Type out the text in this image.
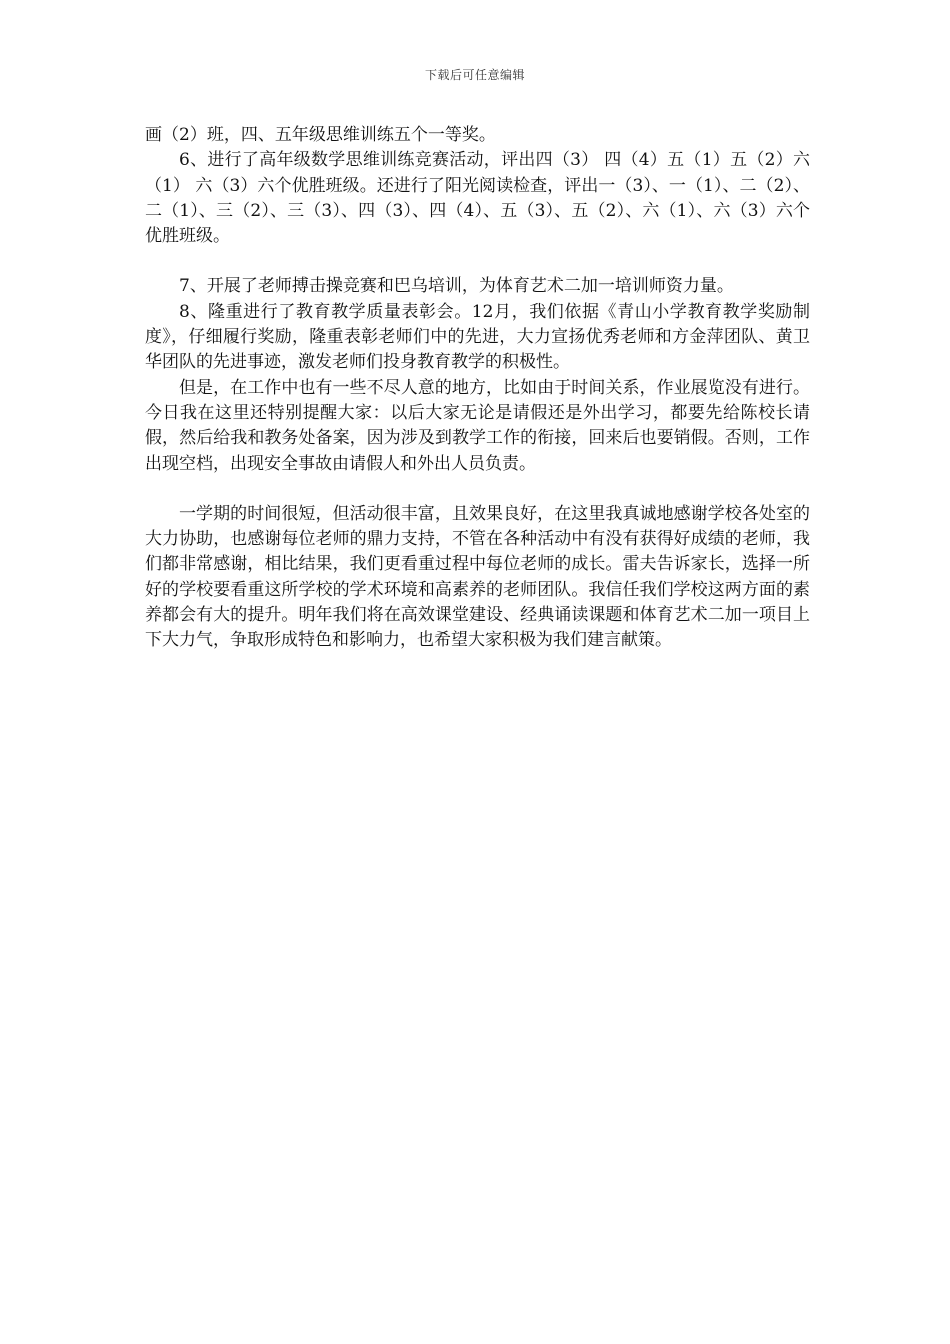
下载后可任意编辑

画（2）班，四、五年级思维训练五个一等奖。

6、进行了高年级数学思维训练竞赛活动，评出四（3） 四（4）五（1）五（2）六（1） 六（3）六个优胜班级。还进行了阳光阅读检查，评出一（3）、一（1）、二（2）、二（1）、三（2）、三（3）、四（3）、四（4）、五（3）、五（2）、六（1）、六（3）六个优胜班级。

7、开展了老师搏击操竞赛和巴乌培训，为体育艺术二加一培训师资力量。

8、隆重进行了教育教学质量表彰会。12月，我们依据《青山小学教育教学奖励制度》，仔细履行奖励，隆重表彰老师们中的先进，大力宣扬优秀老师和方金萍团队、黄卫华团队的先进事迹，激发老师们投身教育教学的积极性。

但是，在工作中也有一些不尽人意的地方，比如由于时间关系，作业展览没有进行。今日我在这里还特别提醒大家：以后大家无论是请假还是外出学习，都要先给陈校长请假，然后给我和教务处备案，因为涉及到教学工作的衔接，回来后也要销假。否则，工作出现空档，出现安全事故由请假人和外出人员负责。

一学期的时间很短，但活动很丰富，且效果良好，在这里我真诚地感谢学校各处室的大力协助，也感谢每位老师的鼎力支持，不管在各种活动中有没有获得好成绩的老师，我们都非常感谢，相比结果，我们更看重过程中每位老师的成长。雷夫告诉家长，选择一所好的学校要看重这所学校的学术环境和高素养的老师团队。我信任我们学校这两方面的素养都会有大的提升。明年我们将在高效课堂建设、经典诵读课题和体育艺术二加一项目上下大力气，争取形成特色和影响力，也希望大家积极为我们建言献策。
